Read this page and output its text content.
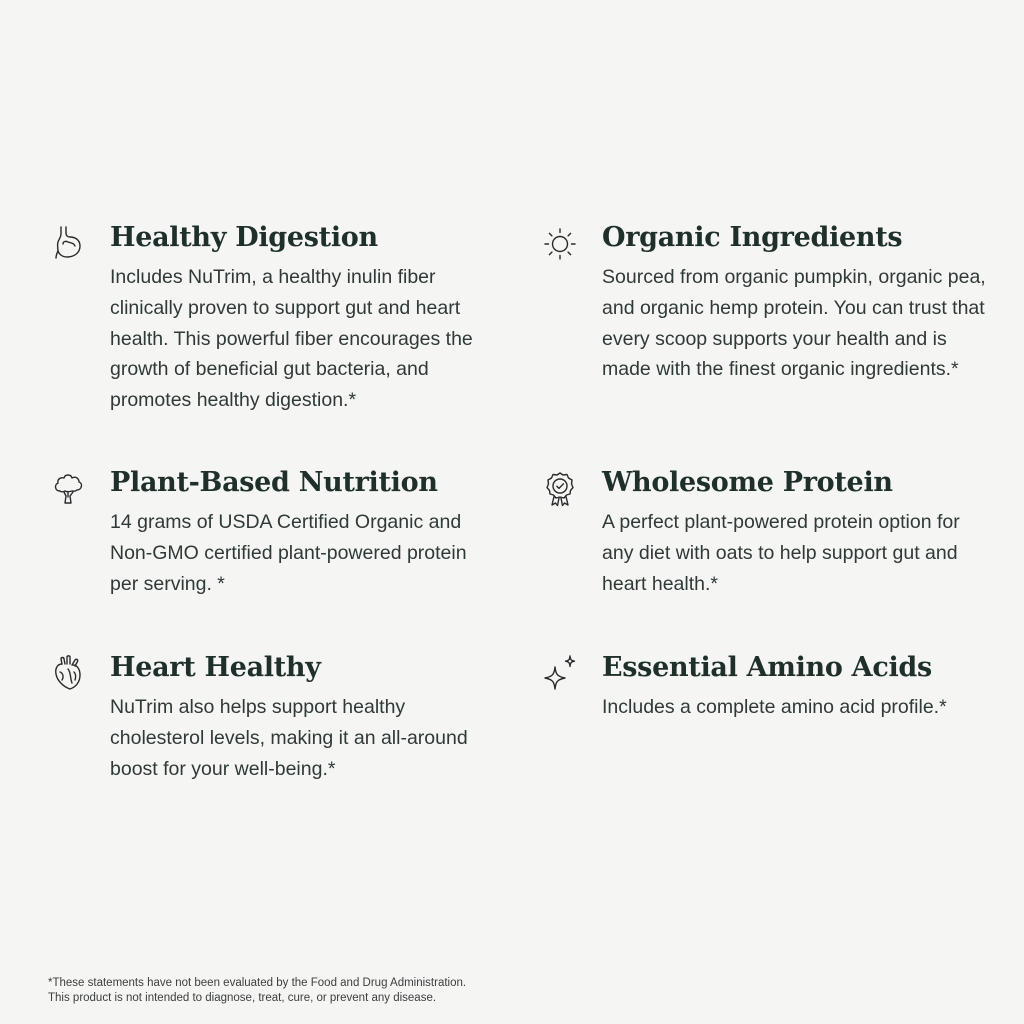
Healthy Digestion

Includes NuTrim, a healthy inulin fiber clinically proven to support gut and heart health. This powerful fiber encourages the growth of beneficial gut bacteria, and promotes healthy digestion.*

Organic Ingredients

Sourced from organic pumpkin, organic pea, and organic hemp protein. You can trust that every scoop supports your health and is made with the finest organic ingredients.*

Plant-Based Nutrition

14 grams of USDA Certified Organic and Non-GMO certified plant-powered protein per serving. *

Wholesome Protein

A perfect plant-powered protein option for any diet with oats to help support gut and heart health.*

Heart Healthy

NuTrim also helps support healthy cholesterol levels, making it an all-around boost for your well-being.*

Essential Amino Acids

Includes a complete amino acid profile.*

*These statements have not been evaluated by the Food and Drug Administration.
This product is not intended to diagnose, treat, cure, or prevent any disease.
